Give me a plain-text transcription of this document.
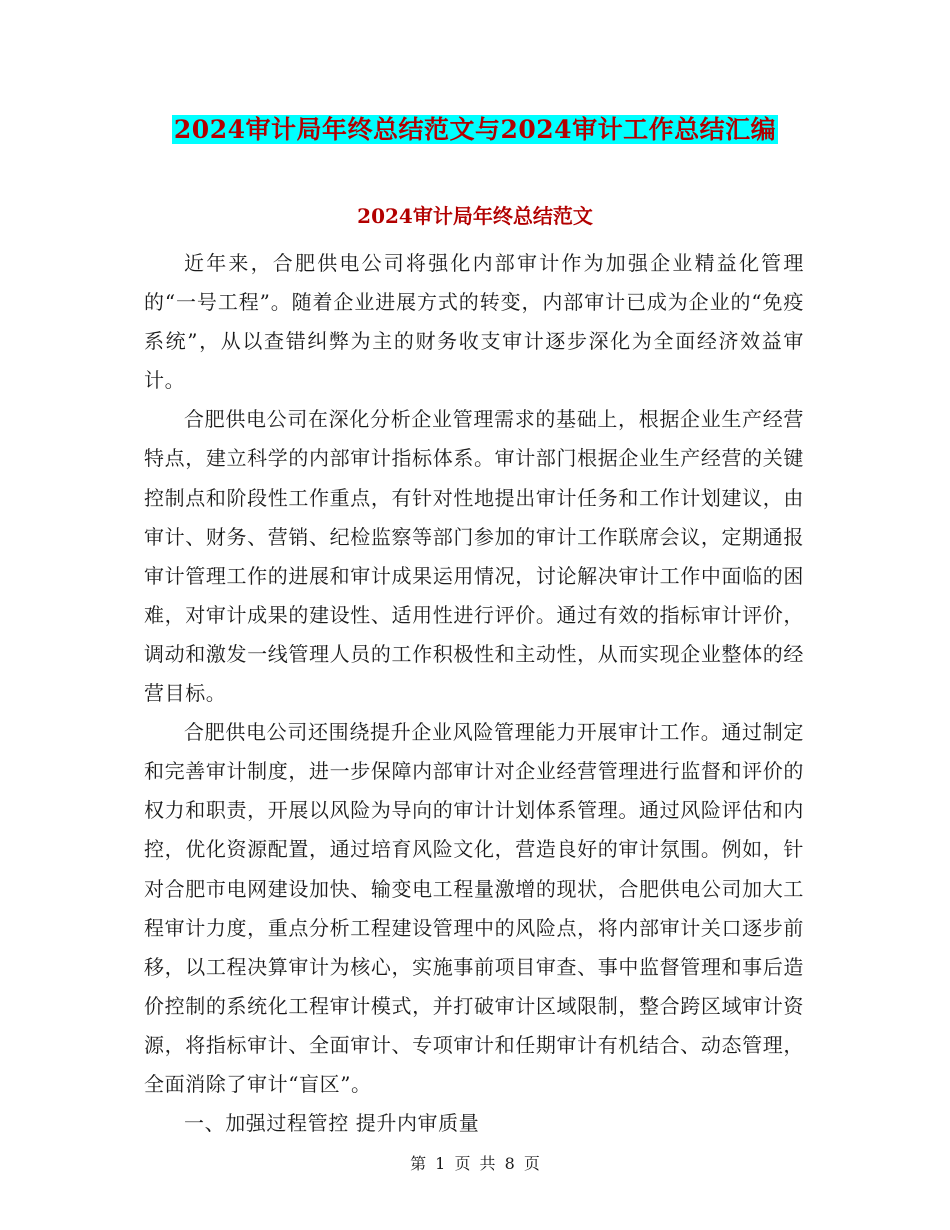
2024审计局年终总结范文与2024审计工作总结汇编
2024审计局年终总结范文

近年来，合肥供电公司将强化内部审计作为加强企业精益化管理的“一号工程”。随着企业进展方式的转变，内部审计已成为企业的“免疫系统”，从以查错纠弊为主的财务收支审计逐步深化为全面经济效益审计。

合肥供电公司在深化分析企业管理需求的基础上，根据企业生产经营特点，建立科学的内部审计指标体系。审计部门根据企业生产经营的关键控制点和阶段性工作重点，有针对性地提出审计任务和工作计划建议，由审计、财务、营销、纪检监察等部门参加的审计工作联席会议，定期通报审计管理工作的进展和审计成果运用情况，讨论解决审计工作中面临的困难，对审计成果的建设性、适用性进行评价。通过有效的指标审计评价，调动和激发一线管理人员的工作积极性和主动性，从而实现企业整体的经营目标。

合肥供电公司还围绕提升企业风险管理能力开展审计工作。通过制定和完善审计制度，进一步保障内部审计对企业经营管理进行监督和评价的权力和职责，开展以风险为导向的审计计划体系管理。通过风险评估和内控，优化资源配置，通过培育风险文化，营造良好的审计氛围。例如，针对合肥市电网建设加快、输变电工程量激增的现状，合肥供电公司加大工程审计力度，重点分析工程建设管理中的风险点，将内部审计关口逐步前移，以工程决算审计为核心，实施事前项目审查、事中监督管理和事后造价控制的系统化工程审计模式，并打破审计区域限制，整合跨区域审计资源，将指标审计、全面审计、专项审计和任期审计有机结合、动态管理，全面消除了审计“盲区”。

一、加强过程管控 提升内审质量

第 1 页 共 8 页
